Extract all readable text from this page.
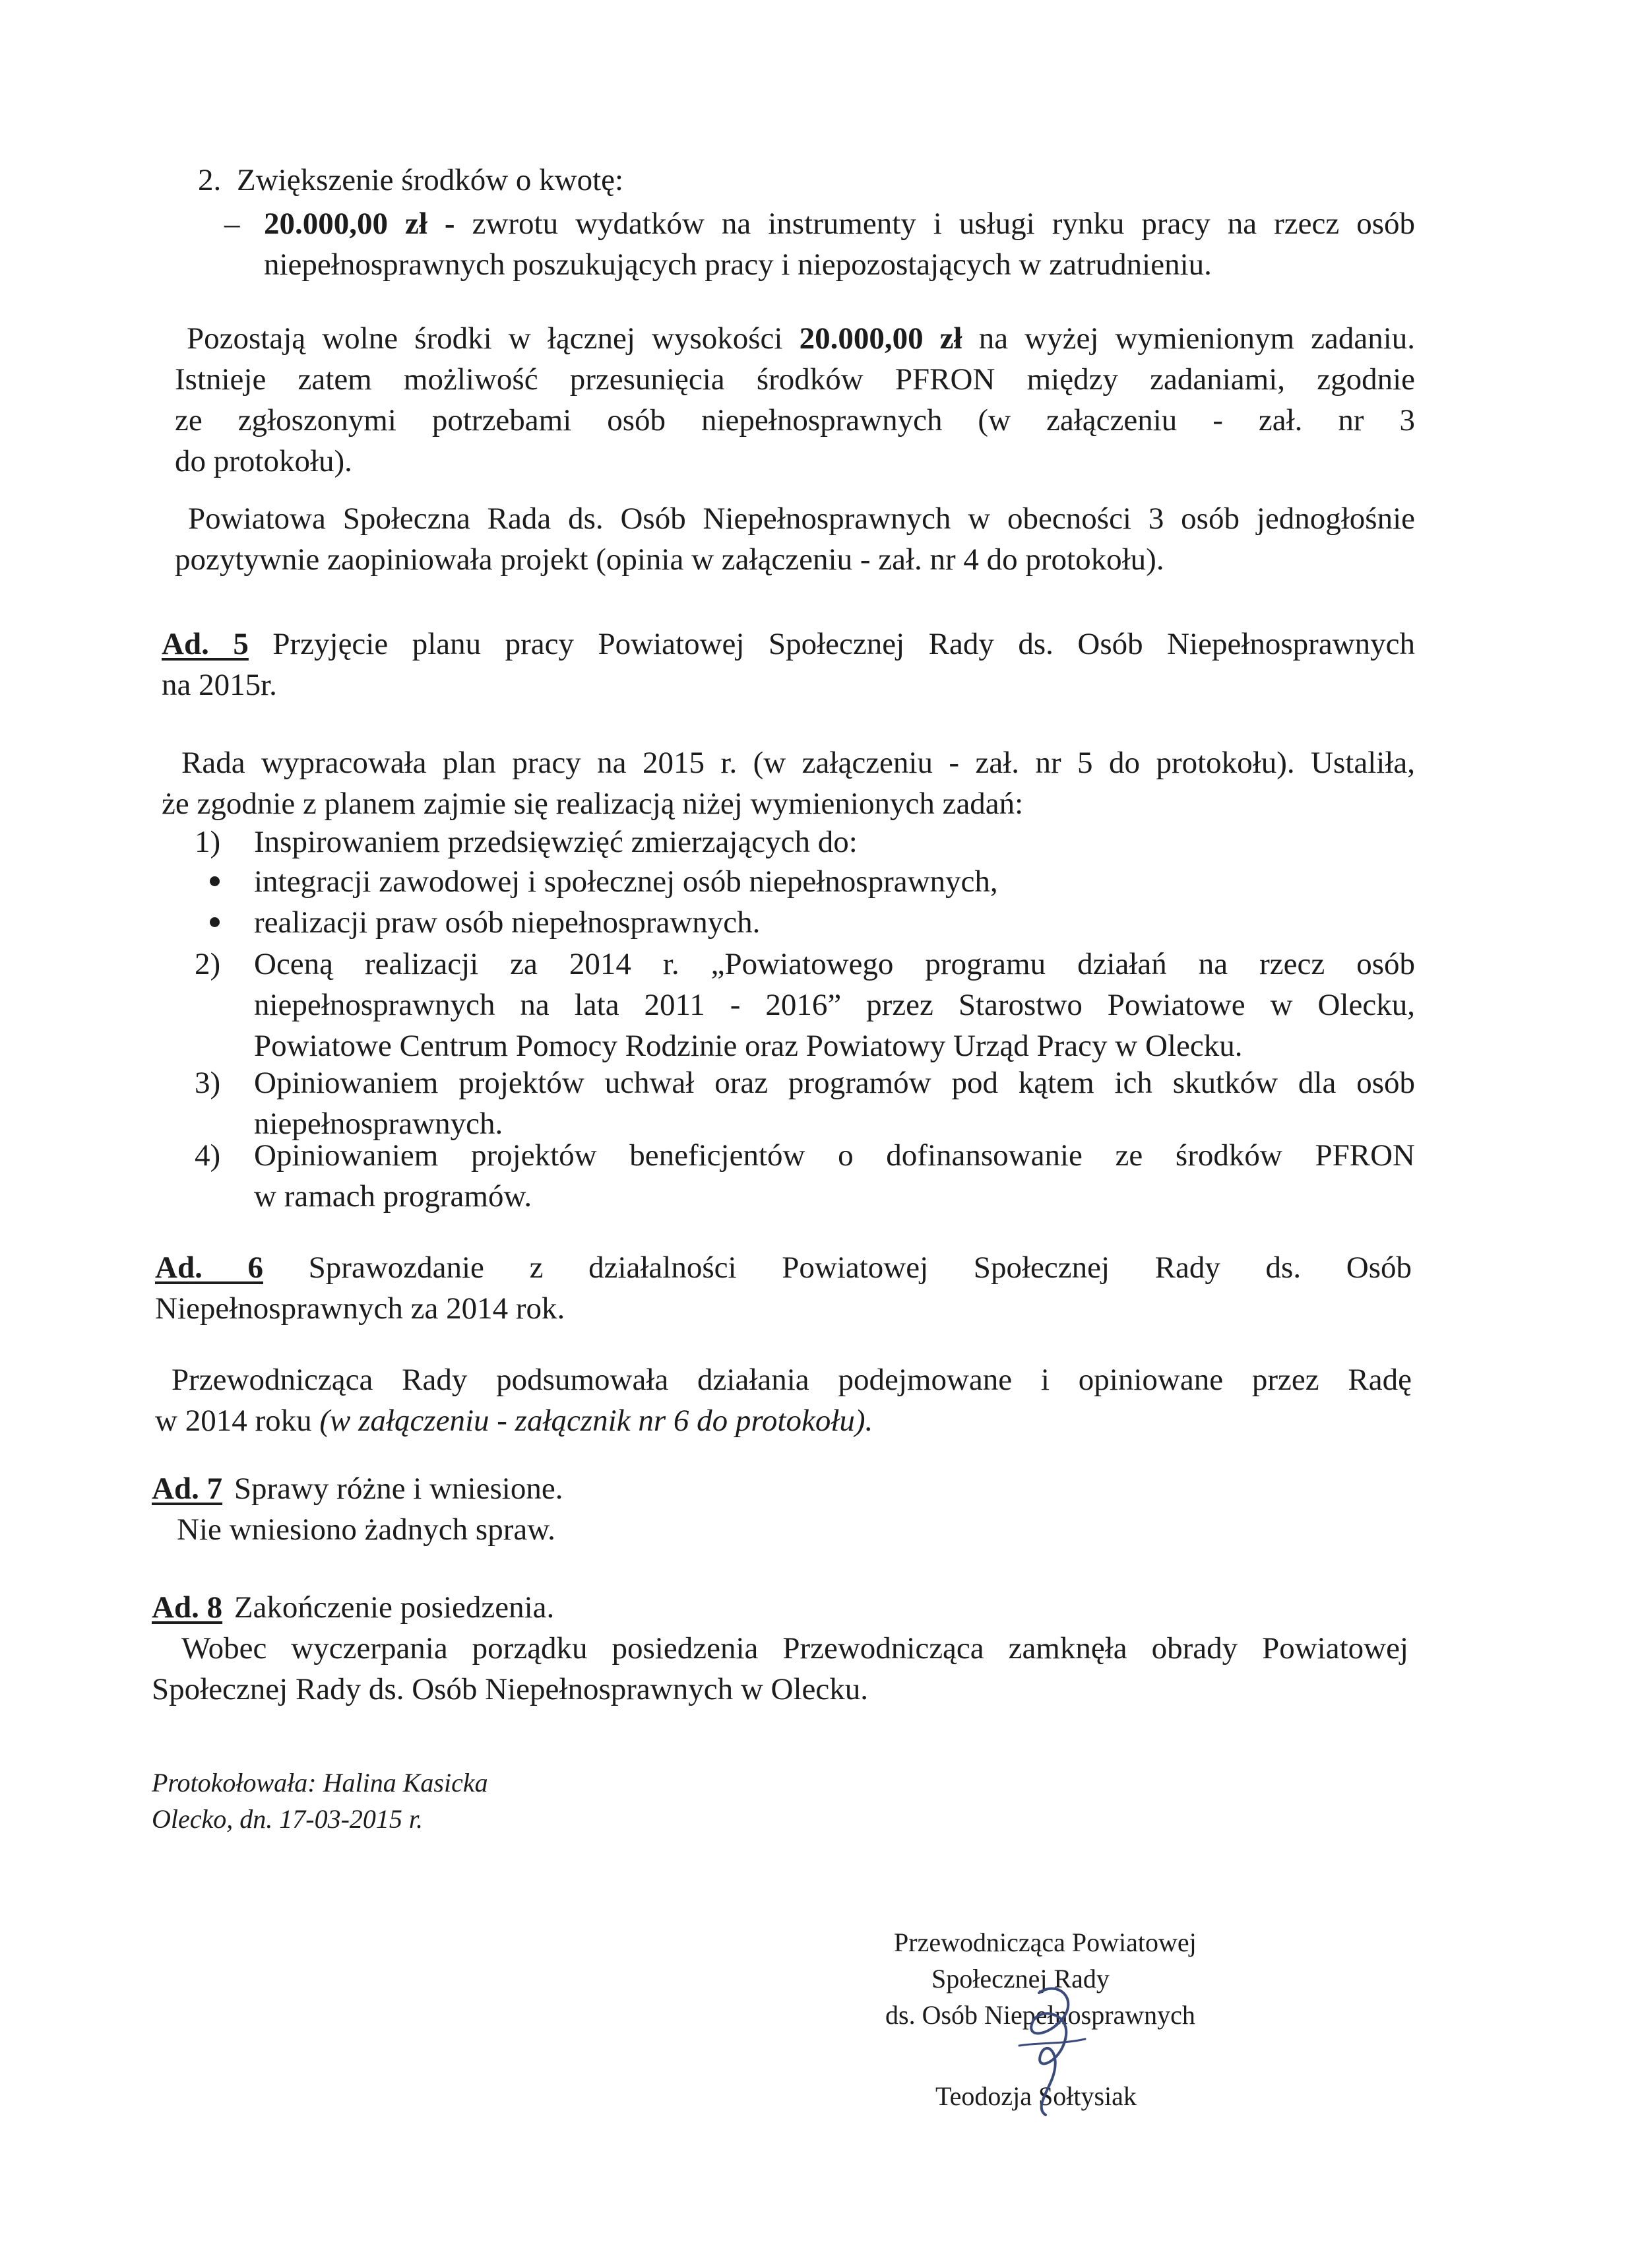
2. Zwiększenie środków o kwotę:
– 20.000,00 zł - zwrotu wydatków na instrumenty i usługi rynku pracy na rzecz osób
niepełnosprawnych poszukujących pracy i niepozostających w zatrudnieniu.
Pozostają wolne środki w łącznej wysokości 20.000,00 zł na wyżej wymienionym zadaniu.
Istnieje zatem możliwość przesunięcia środków PFRON między zadaniami, zgodnie
ze zgłoszonymi potrzebami osób niepełnosprawnych (w załączeniu - zał. nr 3
do protokołu).
Powiatowa Społeczna Rada ds. Osób Niepełnosprawnych w obecności 3 osób jednogłośnie
pozytywnie zaopiniowała projekt (opinia w załączeniu - zał. nr 4 do protokołu).
Ad. 5 Przyjęcie planu pracy Powiatowej Społecznej Rady ds. Osób Niepełnosprawnych
na 2015r.
Rada wypracowała plan pracy na 2015 r. (w załączeniu - zał. nr 5 do protokołu). Ustaliła,
że zgodnie z planem zajmie się realizacją niżej wymienionych zadań:
1) Inspirowaniem przedsięwzięć zmierzających do:
integracji zawodowej i społecznej osób niepełnosprawnych,
realizacji praw osób niepełnosprawnych.
2) Oceną realizacji za 2014 r. „Powiatowego programu działań na rzecz osób
niepełnosprawnych na lata 2011 - 2016” przez Starostwo Powiatowe w Olecku,
Powiatowe Centrum Pomocy Rodzinie oraz Powiatowy Urząd Pracy w Olecku.
3) Opiniowaniem projektów uchwał oraz programów pod kątem ich skutków dla osób
niepełnosprawnych.
4) Opiniowaniem projektów beneficjentów o dofinansowanie ze środków PFRON
w ramach programów.
Ad. 6 Sprawozdanie z działalności Powiatowej Społecznej Rady ds. Osób
Niepełnosprawnych za 2014 rok.
Przewodnicząca Rady podsumowała działania podejmowane i opiniowane przez Radę
w 2014 roku (w załączeniu - załącznik nr 6 do protokołu).
Ad. 7 Sprawy różne i wniesione.
Nie wniesiono żadnych spraw.
Ad. 8 Zakończenie posiedzenia.
Wobec wyczerpania porządku posiedzenia Przewodnicząca zamknęła obrady Powiatowej
Społecznej Rady ds. Osób Niepełnosprawnych w Olecku.
Protokołowała: Halina Kasicka
Olecko, dn. 17-03-2015 r.
Przewodnicząca Powiatowej
Społecznej Rady
ds. Osób Niepełnosprawnych
Teodozja Sołtysiak
